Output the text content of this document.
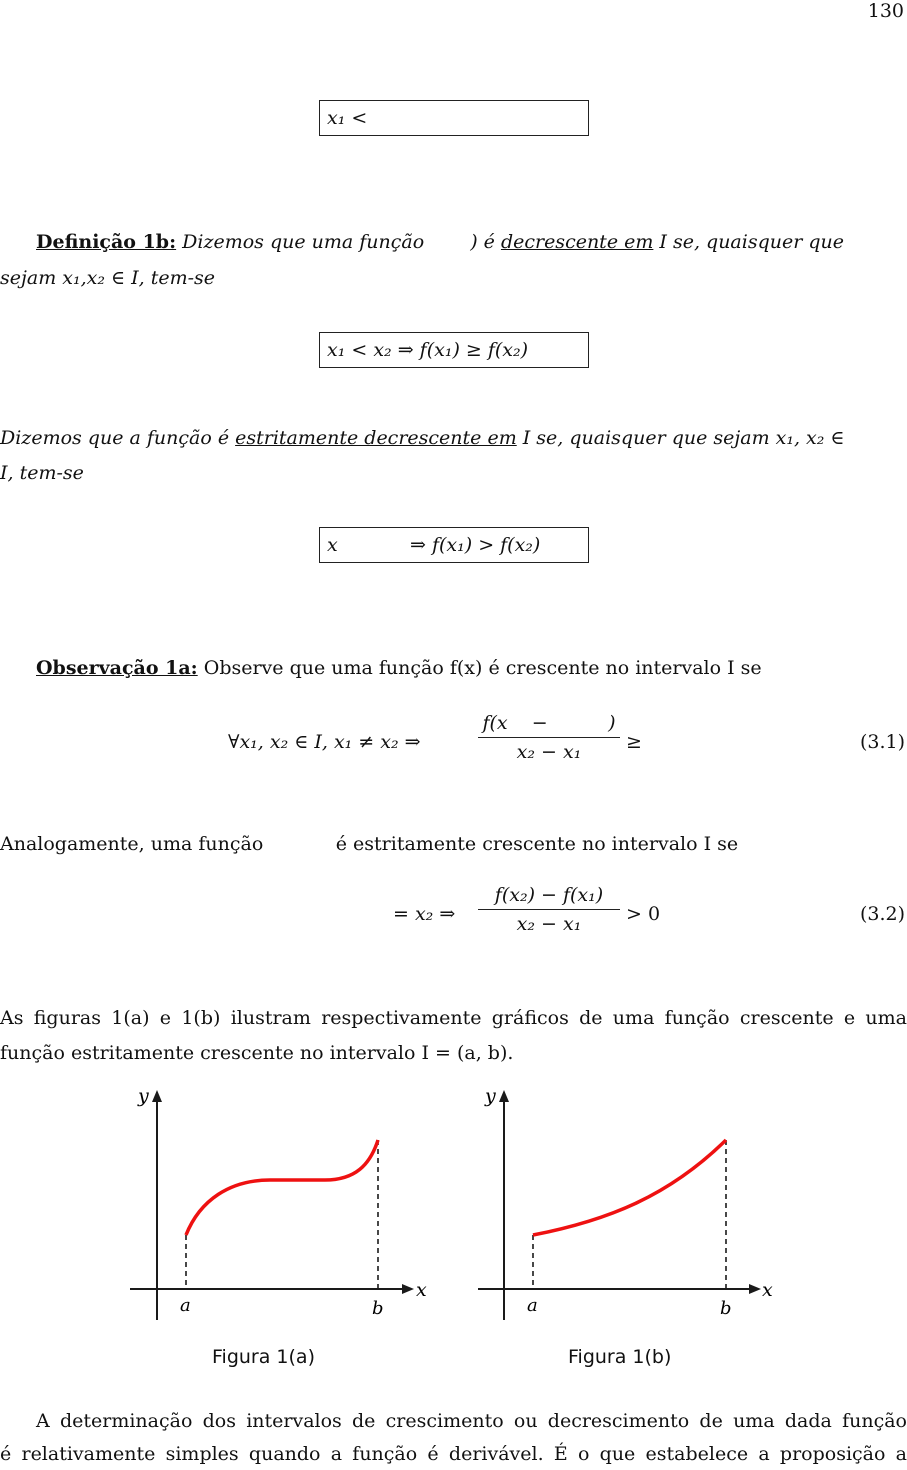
130
x₁ <
Definição 1b: Dizemos que uma função ) é decrescente em I se, quaisquer que
sejam x₁,x₂ ∈ I, tem-se
x₁ < x₂ ⇒ f(x₁) ≥ f(x₂)
Dizemos que a função é estritamente decrescente em I se, quaisquer que sejam x₁, x₂ ∈
I, tem-se
x	⇒ f(x₁) > f(x₂)
Observação 1a: Observe que uma função f(x) é crescente no intervalo I se
∀x₁, x₂ ∈ I, x₁ ≠ x₂ ⇒
f(x    −          )
x₂ − x₁	≥	(3.1)
Analogamente, uma função            é estritamente crescente no intervalo I se
= x₂ ⇒
f(x₂) − f(x₁)
x₂ − x₁	> 0	(3.2)
As figuras 1(a) e 1(b) ilustram respectivamente gráficos de uma função crescente e uma
função estritamente crescente no intervalo I = (a, b).
y
x
a	b
Figura 1(a)
y
x
a	b
Figura 1(b)
A determinação dos intervalos de crescimento ou decrescimento de uma dada função
é relativamente simples quando a função é derivável. É o que estabelece a proposição a
